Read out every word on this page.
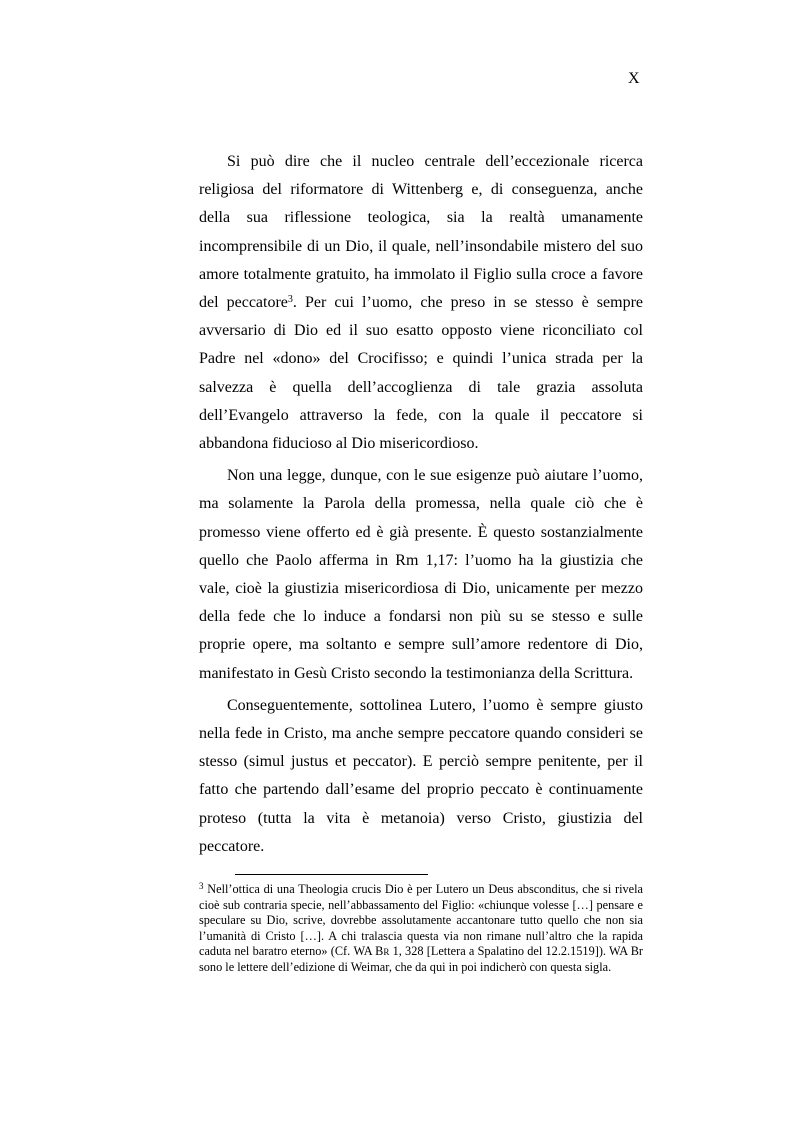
X

Si può dire che il nucleo centrale dell’eccezionale ricerca religiosa del riformatore di Wittenberg e, di conseguenza, anche della sua riflessione teologica, sia la realtà umanamente incomprensibile di un Dio, il quale, nell’insondabile mistero del suo amore totalmente gratuito, ha immolato il Figlio sulla croce a favore del peccatore$^3$. Per cui l’uomo, che preso in se stesso è sempre avversario di Dio ed il suo esatto opposto viene riconciliato col Padre nel «dono» del Crocifisso; e quindi l’unica strada per la salvezza è quella dell’accoglienza di tale grazia assoluta dell’Evangelo attraverso la fede, con la quale il peccatore si abbandona fiducioso al Dio misericordioso.

Non una legge, dunque, con le sue esigenze può aiutare l’uomo, ma solamente la Parola della promessa, nella quale ciò che è promesso viene offerto ed è già presente. È questo sostanzialmente quello che Paolo afferma in Rm 1,17: l’uomo ha la giustizia che vale, cioè la giustizia misericordiosa di Dio, unicamente per mezzo della fede che lo induce a fondarsi non più su se stesso e sulle proprie opere, ma soltanto e sempre sull’amore redentore di Dio, manifestato in Gesù Cristo secondo la testimonianza della Scrittura.

Conseguentemente, sottolinea Lutero, l’uomo è sempre giusto nella fede in Cristo, ma anche sempre peccatore quando consideri se stesso (simul justus et peccator). E perciò sempre penitente, per il fatto che partendo dall’esame del proprio peccato è continuamente proteso (tutta la vita è metanoia) verso Cristo, giustizia del peccatore.

$^3$ Nell’ottica di una Theologia crucis Dio è per Lutero un Deus absconditus, che si rivela cioè sub contraria specie, nell’abbassamento del Figlio: «chiunque volesse […] pensare e speculare su Dio, scrive, dovrebbe assolutamente accantonare tutto quello che non sia l’umanità di Cristo […]. A chi tralascia questa via non rimane null’altro che la rapida caduta nel baratro eterno» (Cf. WA Br 1, 328 [Lettera a Spalatino del 12.2.1519]). WA Br sono le lettere dell’edizione di Weimar, che da qui in poi indicherò con questa sigla.
